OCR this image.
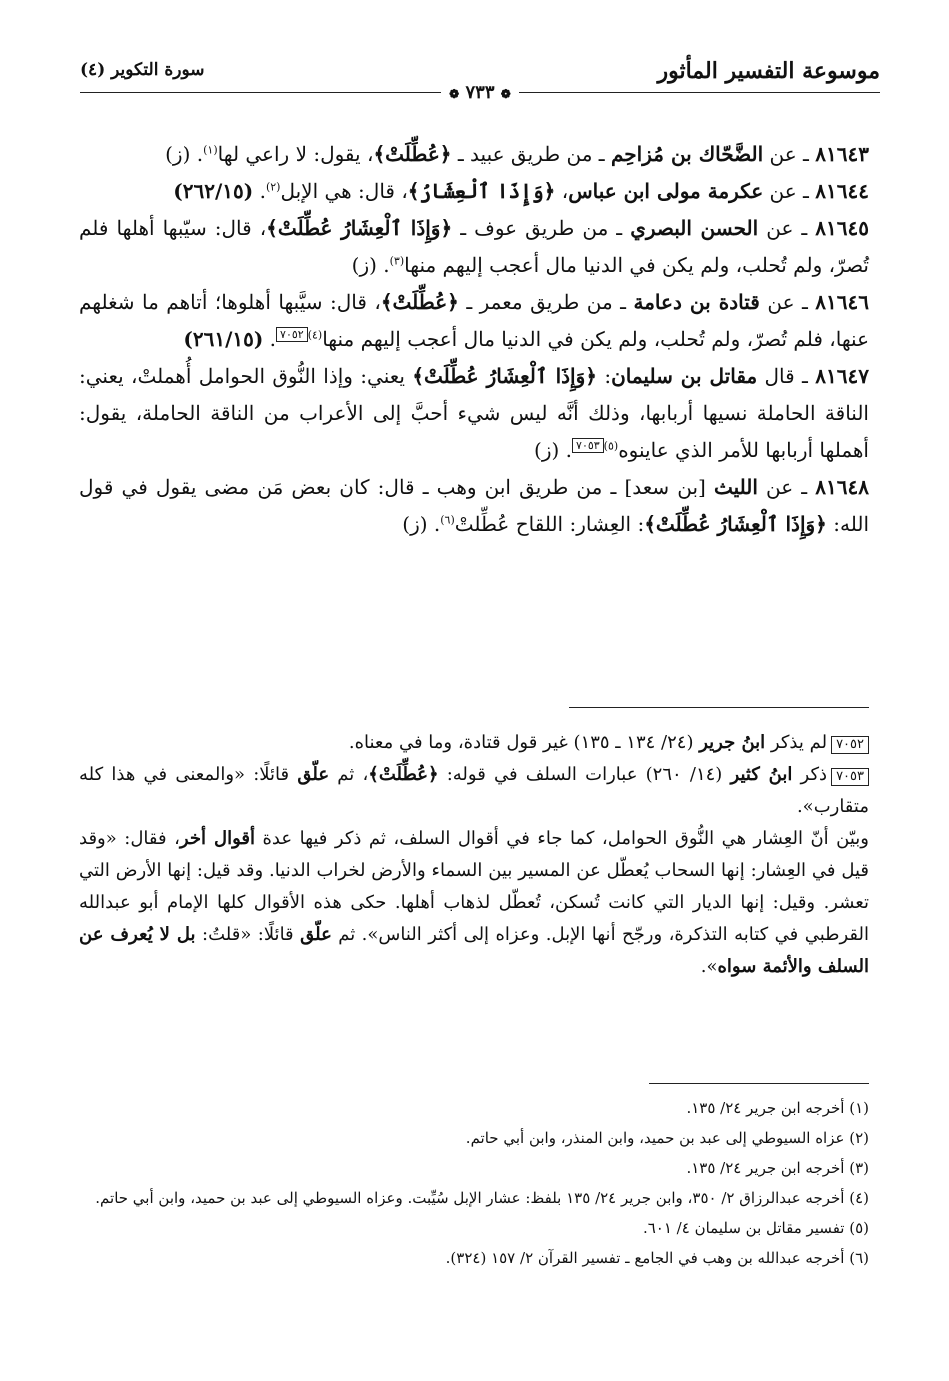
موسوعة التفسير المأثور
سورة التكوير (٤)
❁ ٧٣٣ ❁

٨١٦٤٣ ـ عن الضَّحّاك بن مُزاحِم ـ من طريق عبيد ـ ﴿عُطِّلَتْ﴾، يقول: لا راعي لها$^{(١)}$. (ز)

٨١٦٤٤ ـ عن عكرمة مولى ابن عباس، ﴿وَإِذَا ٱلْعِشَارُ﴾، قال: هي الإبل$^{(٢)}$. (٢٦٢/١٥)

٨١٦٤٥ ـ عن الحسن البصري ـ من طريق عوف ـ ﴿وَإِذَا ٱلْعِشَارُ عُطِّلَتْ﴾، قال: سيّبها أهلها فلم تُصرّ، ولم تُحلب، ولم يكن في الدنيا مال أعجب إليهم منها$^{(٣)}$. (ز)

٨١٦٤٦ ـ عن قتادة بن دعامة ـ من طريق معمر ـ ﴿عُطِّلَتْ﴾، قال: سيَّبها أهلوها؛ أتاهم ما شغلهم عنها، فلم تُصرّ، ولم تُحلب، ولم يكن في الدنيا مال أعجب إليهم منها$^{(٤)}$٧٠٥٢. (٢٦١/١٥)

٨١٦٤٧ ـ قال مقاتل بن سليمان: ﴿وَإِذَا ٱلْعِشَارُ عُطِّلَتْ﴾ يعني: وإذا النُّوق الحوامل أُهملتْ، يعني: الناقة الحاملة نسيها أربابها، وذلك أنَّه ليس شيء أحبَّ إلى الأعراب من الناقة الحاملة، يقول: أهملها أربابها للأمر الذي عاينوه$^{(٥)}$٧٠٥٣. (ز)

٨١٦٤٨ ـ عن الليث [بن سعد] ـ من طريق ابن وهب ـ قال: كان بعض مَن مضى يقول في قول الله: ﴿وَإِذَا ٱلْعِشَارُ عُطِّلَتْ﴾: العِشار: اللقاح عُطِّلتْ$^{(٦)}$. (ز)

٧٠٥٢لم يذكر ابنُ جرير (٢٤/ ١٣٤ ـ ١٣٥) غير قول قتادة، وما في معناه.

٧٠٥٣ذكر ابنُ كثير (١٤/ ٢٦٠) عبارات السلف في قوله: ﴿عُطِّلَتْ﴾، ثم علّق قائلًا: «والمعنى في هذا كله متقارب».

وبيّن أنّ العِشار هي النُّوق الحوامل، كما جاء في أقوال السلف، ثم ذكر فيها عدة أقوال أخر، فقال: «وقد قيل في العِشار: إنها السحاب يُعطّل عن المسير بين السماء والأرض لخراب الدنيا. وقد قيل: إنها الأرض التي تعشر. وقيل: إنها الديار التي كانت تُسكن، تُعطّل لذهاب أهلها. حكى هذه الأقوال كلها الإمام أبو عبدالله القرطبي في كتابه التذكرة، ورجّح أنها الإبل. وعزاه إلى أكثر الناس». ثم علّق قائلًا: «قلتُ: بل لا يُعرف عن السلف والأئمة سواه».

(١) أخرجه ابن جرير ٢٤/ ١٣٥.

(٢) عزاه السيوطي إلى عبد بن حميد، وابن المنذر، وابن أبي حاتم.

(٣) أخرجه ابن جرير ٢٤/ ١٣٥.

(٤) أخرجه عبدالرزاق ٢/ ٣٥٠، وابن جرير ٢٤/ ١٣٥ بلفظ: عشار الإبل سُيِّبت. وعزاه السيوطي إلى عبد بن حميد، وابن أبي حاتم.

(٥) تفسير مقاتل بن سليمان ٤/ ٦٠١.

(٦) أخرجه عبدالله بن وهب في الجامع ـ تفسير القرآن ٢/ ١٥٧ (٣٢٤).
